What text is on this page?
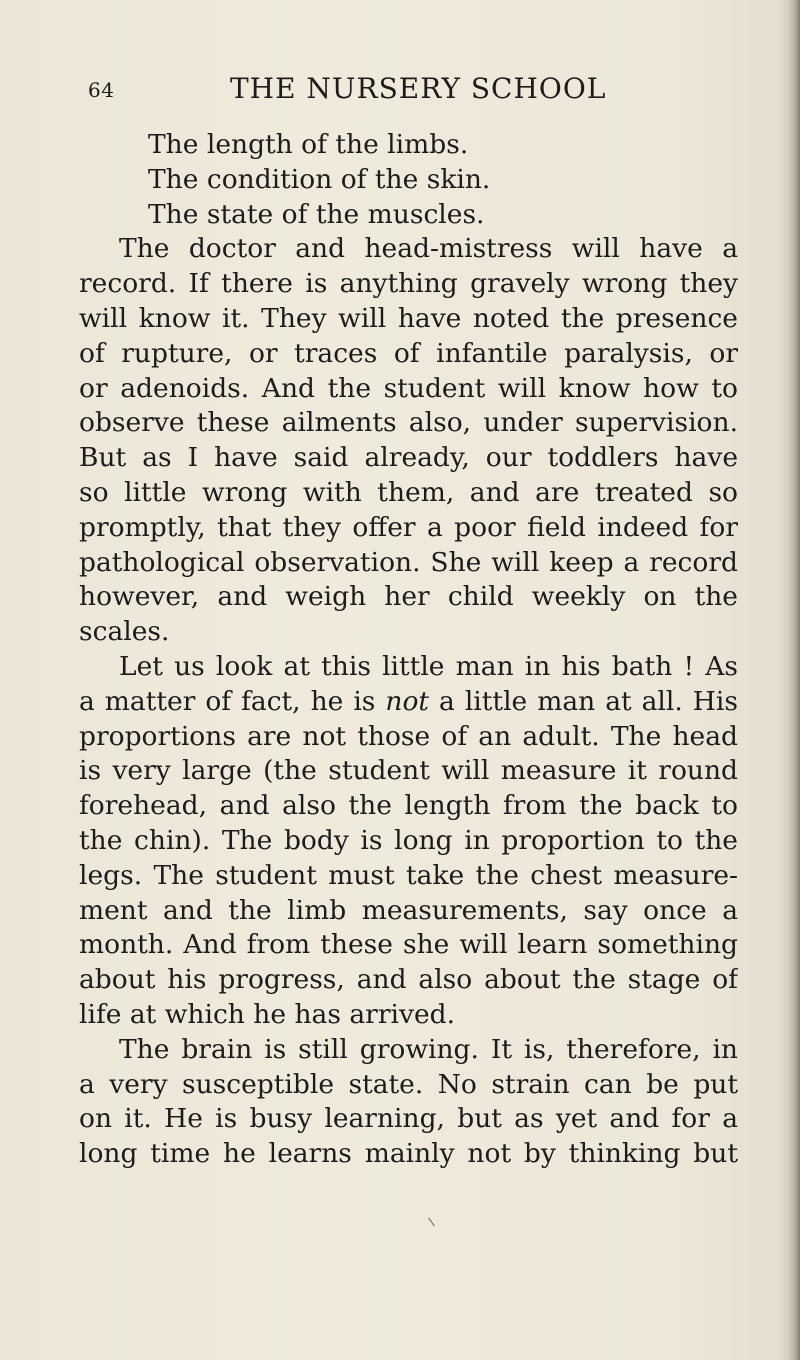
64	THE NURSERY SCHOOL
The length of the limbs.
The condition of the skin.
The state of the muscles.
The doctor and head-mistress will have a
record. If there is anything gravely wrong they
will know it. They will have noted the presence
of rupture, or traces of infantile paralysis, or
or adenoids. And the student will know how to
observe these ailments also, under supervision.
But as I have said already, our toddlers have
so little wrong with them, and are treated so
promptly, that they offer a poor field indeed for
pathological observation. She will keep a record
however, and weigh her child weekly on the
scales.
Let us look at this little man in his bath ! As
a matter of fact, he is not a little man at all. His
proportions are not those of an adult. The head
is very large (the student will measure it round
forehead, and also the length from the back to
the chin). The body is long in proportion to the
legs. The student must take the chest measure-
ment and the limb measurements, say once a
month. And from these she will learn something
about his progress, and also about the stage of
life at which he has arrived.
The brain is still growing. It is, therefore, in
a very susceptible state. No strain can be put
on it. He is busy learning, but as yet and for a
long time he learns mainly not by thinking but
